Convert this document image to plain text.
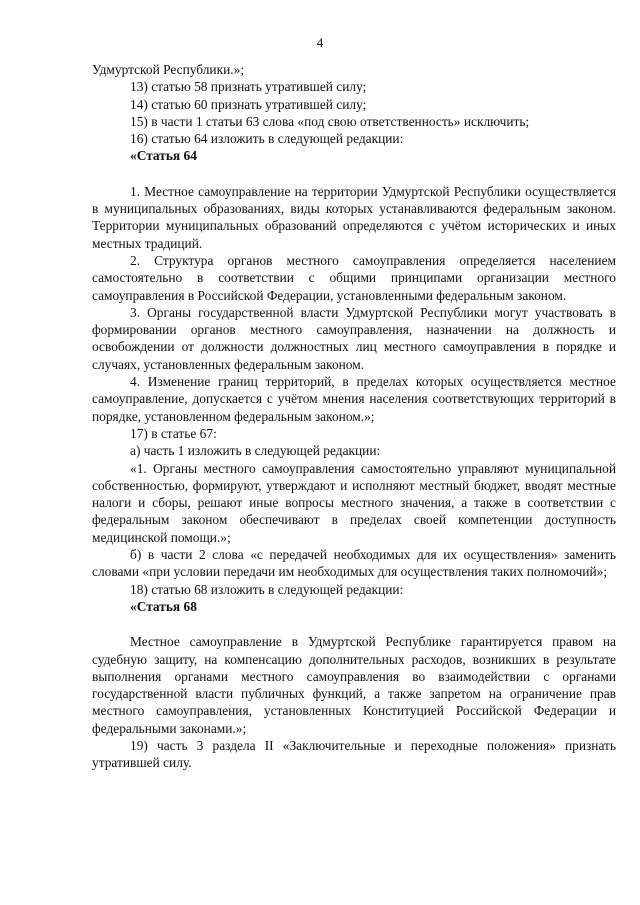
4

Удмуртской Республики.»;

13) статью 58 признать утратившей силу;

14) статью 60 признать утратившей силу;

15) в части 1 статьи 63 слова «под свою ответственность» исключить;

16) статью 64 изложить в следующей редакции:

«Статья 64

1. Местное самоуправление на территории Удмуртской Республики осуществляется в муниципальных образованиях, виды которых устанавливаются федеральным законом. Территории муниципальных образований определяются с учётом исторических и иных местных традиций.

2. Структура органов местного самоуправления определяется населением самостоятельно в соответствии с общими принципами организации местного самоуправления в Российской Федерации, установленными федеральным законом.

3. Органы государственной власти Удмуртской Республики могут участвовать в формировании органов местного самоуправления, назначении на должность и освобождении от должности должностных лиц местного самоуправления в порядке и случаях, установленных федеральным законом.

4. Изменение границ территорий, в пределах которых осуществляется местное самоуправление, допускается с учётом мнения населения соответствующих территорий в порядке, установленном федеральным законом.»;

17) в статье 67:

а) часть 1 изложить в следующей редакции:

«1. Органы местного самоуправления самостоятельно управляют муниципальной собственностью, формируют, утверждают и исполняют местный бюджет, вводят местные налоги и сборы, решают иные вопросы местного значения, а также в соответствии с федеральным законом обеспечивают в пределах своей компетенции доступность медицинской помощи.»;

б) в части 2 слова «с передачей необходимых для их осуществления» заменить словами «при условии передачи им необходимых для осуществления таких полномочий»;

18) статью 68 изложить в следующей редакции:

«Статья 68

Местное самоуправление в Удмуртской Республике гарантируется правом на судебную защиту, на компенсацию дополнительных расходов, возникших в результате выполнения органами местного самоуправления во взаимодействии с органами государственной власти публичных функций, а также запретом на ограничение прав местного самоуправления, установленных Конституцией Российской Федерации и федеральными законами.»;

19) часть 3 раздела II «Заключительные и переходные положения» признать утратившей силу.
